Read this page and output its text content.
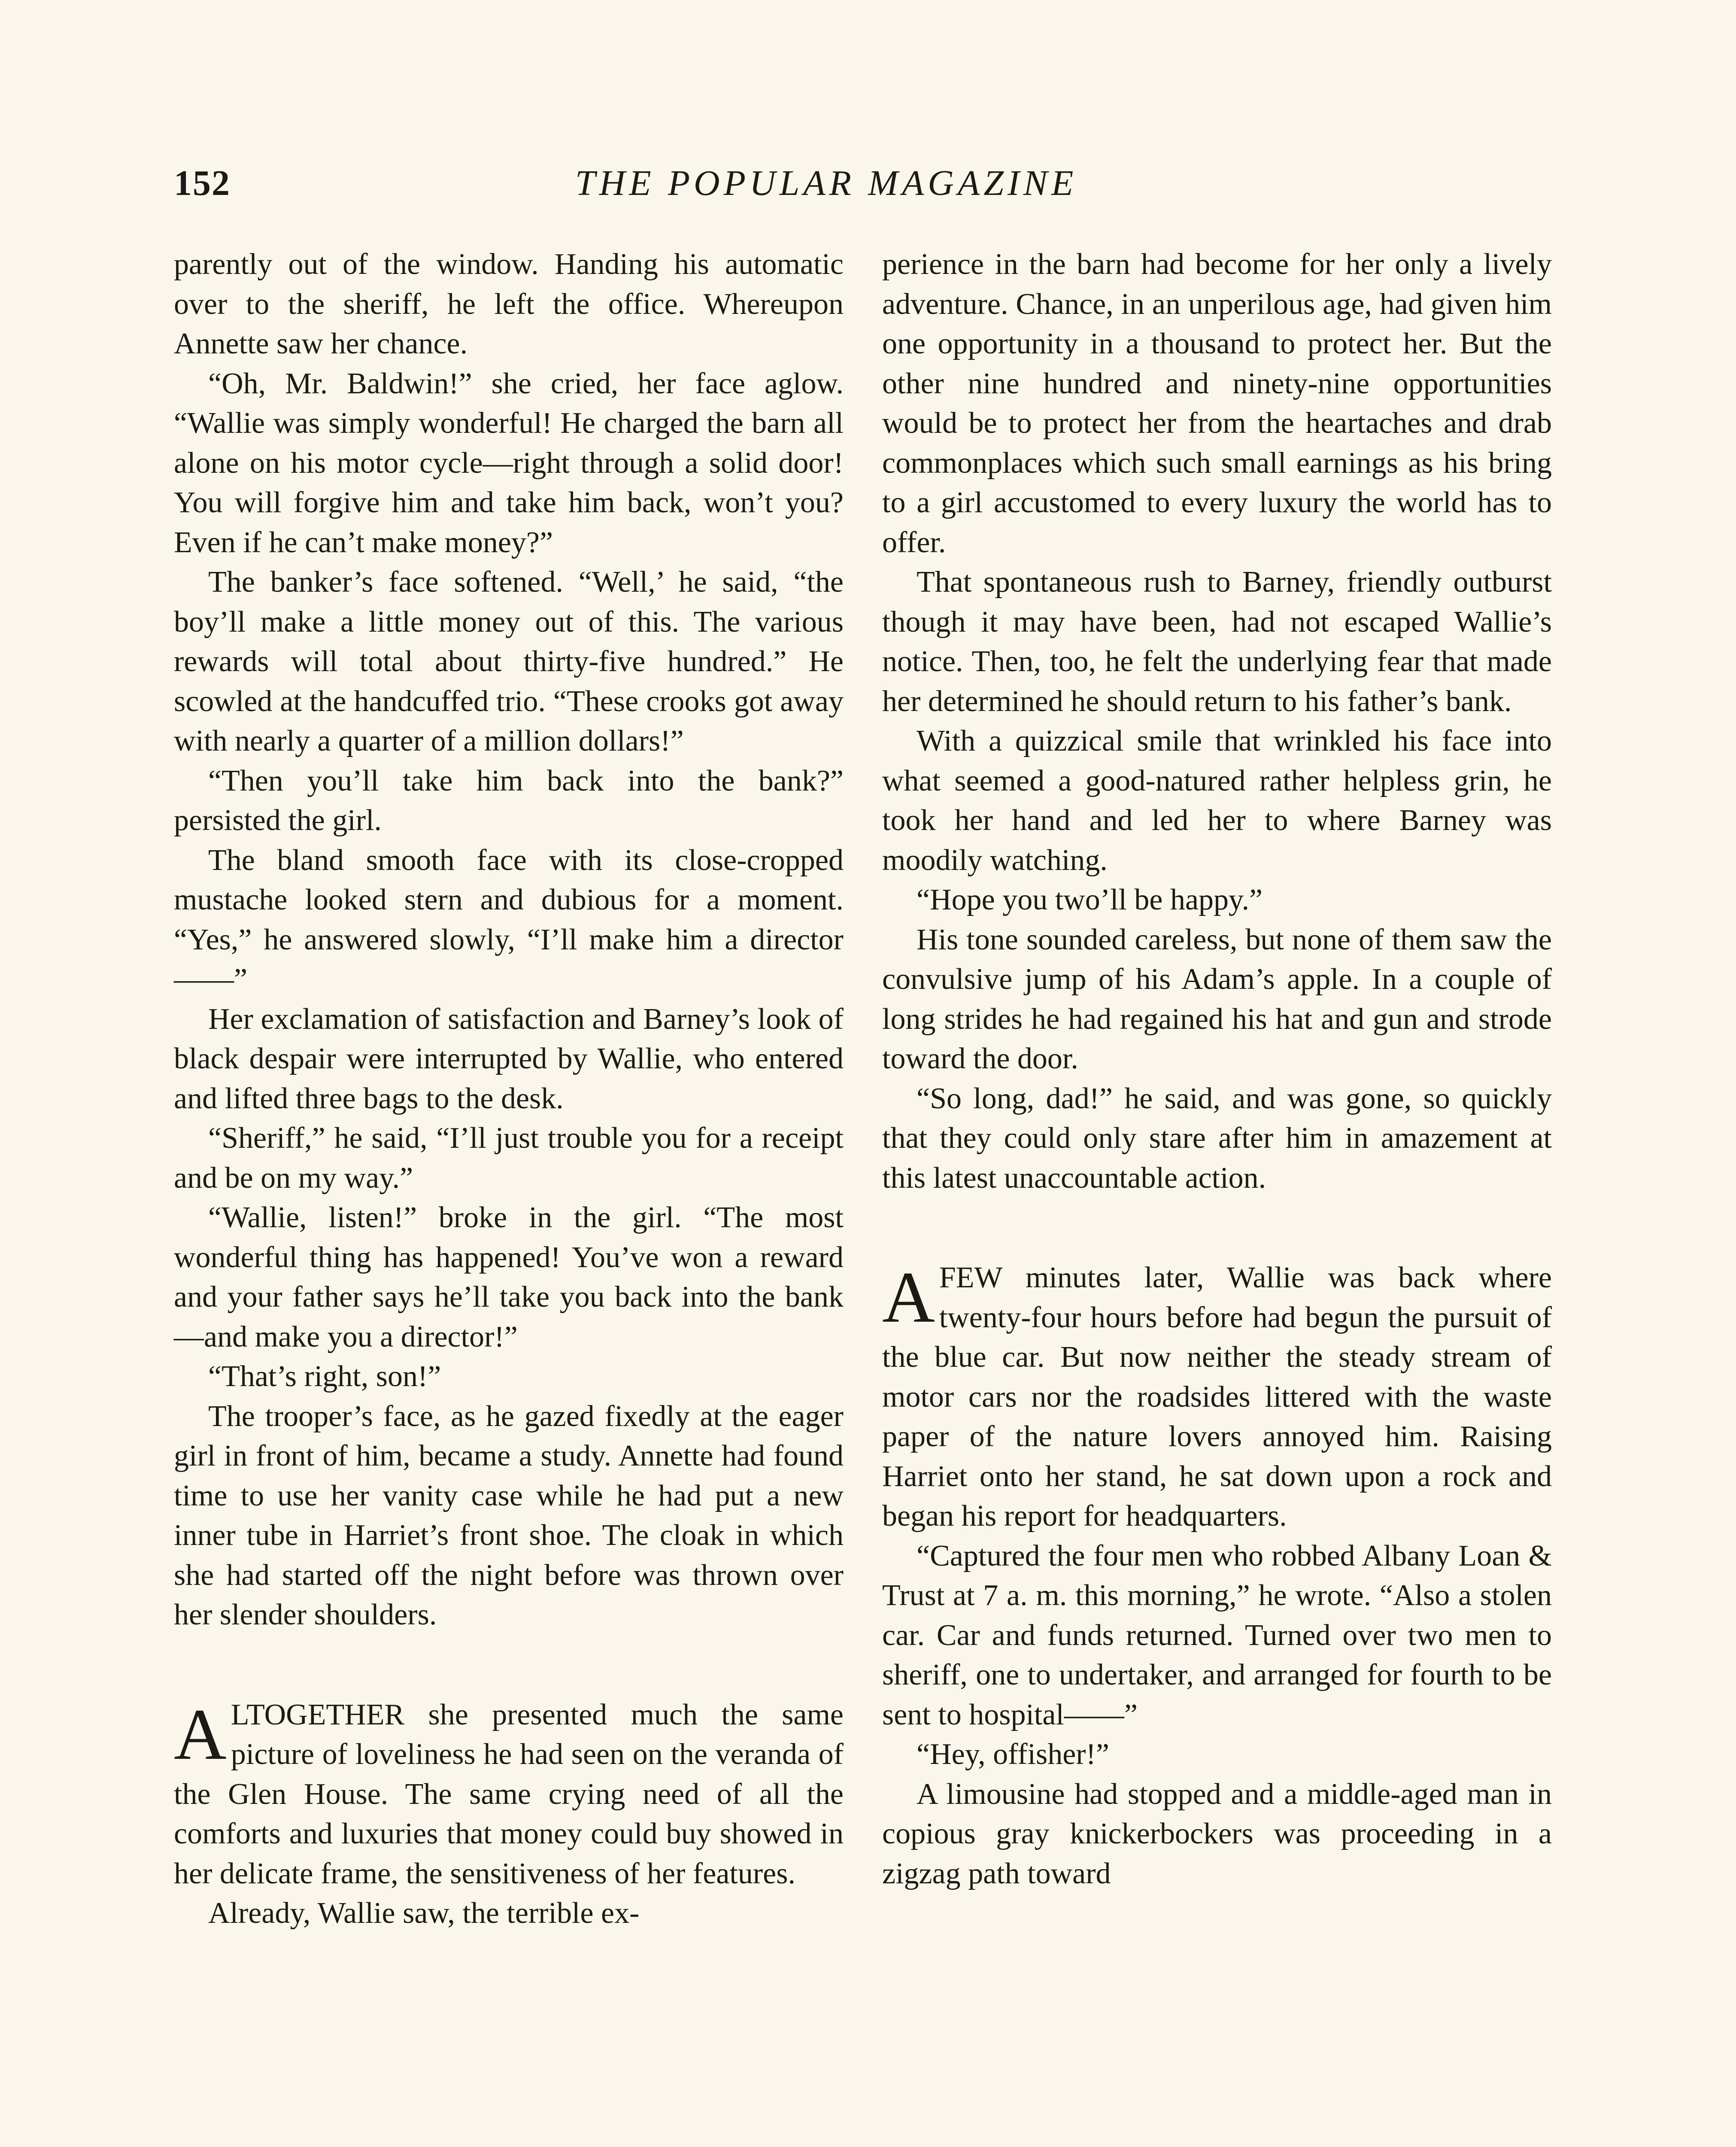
152	THE POPULAR MAGAZINE

parently out of the window. Handing his automatic over to the sheriff, he left the office. Whereupon Annette saw her chance.

“Oh, Mr. Baldwin!” she cried, her face aglow. “Wallie was simply wonderful! He charged the barn all alone on his motor cycle—right through a solid door! You will forgive him and take him back, won’t you? Even if he can’t make money?”

The banker’s face softened. “Well,’ he said, “the boy’ll make a little money out of this. The various rewards will total about thirty-five hundred.” He scowled at the handcuffed trio. “These crooks got away with nearly a quarter of a million dollars!”

“Then you’ll take him back into the bank?” persisted the girl.

The bland smooth face with its close-cropped mustache looked stern and dubious for a moment. “Yes,” he answered slowly, “I’ll make him a director——”

Her exclamation of satisfaction and Barney’s look of black despair were interrupted by Wallie, who entered and lifted three bags to the desk.

“Sheriff,” he said, “I’ll just trouble you for a receipt and be on my way.”

“Wallie, listen!” broke in the girl. “The most wonderful thing has happened! You’ve won a reward and your father says he’ll take you back into the bank—and make you a director!”

“That’s right, son!”

The trooper’s face, as he gazed fixedly at the eager girl in front of him, became a study. Annette had found time to use her vanity case while he had put a new inner tube in Harriet’s front shoe. The cloak in which she had started off the night before was thrown over her slender shoulders.

ALTOGETHER she presented much the same picture of loveliness he had seen on the veranda of the Glen House. The same crying need of all the comforts and luxuries that money could buy showed in her delicate frame, the sensitiveness of her features.

Already, Wallie saw, the terrible ex-

perience in the barn had become for her only a lively adventure. Chance, in an unperilous age, had given him one opportunity in a thousand to protect her. But the other nine hundred and ninety-nine opportunities would be to protect her from the heartaches and drab commonplaces which such small earnings as his bring to a girl accustomed to every luxury the world has to offer.

That spontaneous rush to Barney, friendly outburst though it may have been, had not escaped Wallie’s notice. Then, too, he felt the underlying fear that made her determined he should return to his father’s bank.

With a quizzical smile that wrinkled his face into what seemed a good-natured rather helpless grin, he took her hand and led her to where Barney was moodily watching.

“Hope you two’ll be happy.”

His tone sounded careless, but none of them saw the convulsive jump of his Adam’s apple. In a couple of long strides he had regained his hat and gun and strode toward the door.

“So long, dad!” he said, and was gone, so quickly that they could only stare after him in amazement at this latest unaccountable action.

AFEW minutes later, Wallie was back where twenty-four hours before had begun the pursuit of the blue car. But now neither the steady stream of motor cars nor the roadsides littered with the waste paper of the nature lovers annoyed him. Raising Harriet onto her stand, he sat down upon a rock and began his report for headquarters.

“Captured the four men who robbed Albany Loan & Trust at 7 a. m. this morning,” he wrote. “Also a stolen car. Car and funds returned. Turned over two men to sheriff, one to undertaker, and arranged for fourth to be sent to hospital——”

“Hey, offisher!”

A limousine had stopped and a middle-aged man in copious gray knickerbockers was proceeding in a zigzag path toward
